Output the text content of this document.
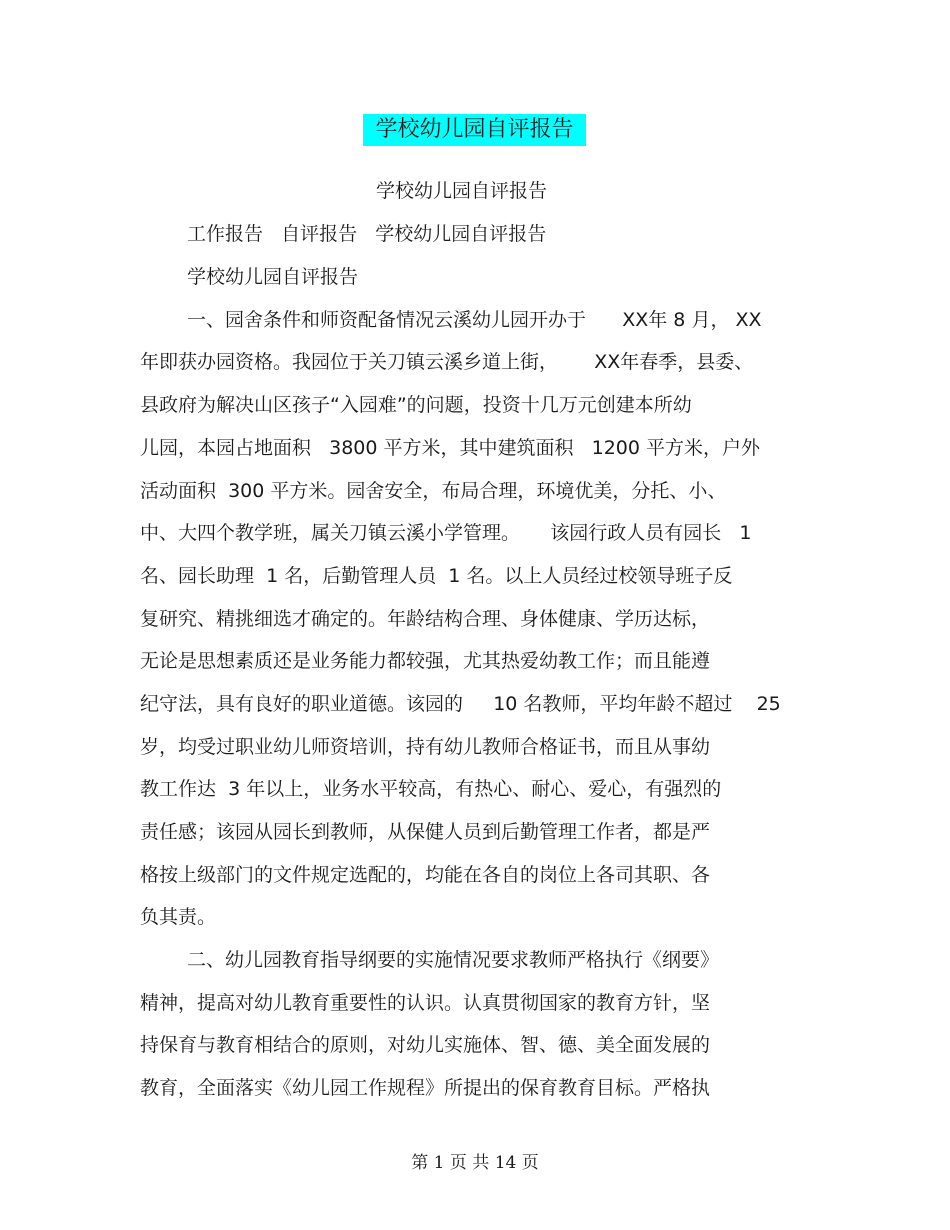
学校幼儿园自评报告
学校幼儿园自评报告
工作报告   自评报告   学校幼儿园自评报告
学校幼儿园自评报告
一、园舍条件和师资配备情况云溪幼儿园开办于      XX年 8 月， XX
年即获办园资格。我园位于关刀镇云溪乡道上街，      XX年春季，县委、
县政府为解决山区孩子“入园难”的问题，投资十几万元创建本所幼
儿园，本园占地面积   3800 平方米，其中建筑面积   1200 平方米，户外
活动面积  300 平方米。园舍安全，布局合理，环境优美，分托、小、
中、大四个教学班，属关刀镇云溪小学管理。     该园行政人员有园长   1
名、园长助理  1 名，后勤管理人员  1 名。以上人员经过校领导班子反
复研究、精挑细选才确定的。年龄结构合理、身体健康、学历达标，
无论是思想素质还是业务能力都较强，尤其热爱幼教工作；而且能遵
纪守法，具有良好的职业道德。该园的     10 名教师，平均年龄不超过    25
岁，均受过职业幼儿师资培训，持有幼儿教师合格证书，而且从事幼
教工作达  3 年以上，业务水平较高，有热心、耐心、爱心，有强烈的
责任感；该园从园长到教师，从保健人员到后勤管理工作者，都是严
格按上级部门的文件规定选配的，均能在各自的岗位上各司其职、各
负其责。
二、幼儿园教育指导纲要的实施情况要求教师严格执行《纲要》
精神，提高对幼儿教育重要性的认识。认真贯彻国家的教育方针，坚
持保育与教育相结合的原则，对幼儿实施体、智、德、美全面发展的
教育，全面落实《幼儿园工作规程》所提出的保育教育目标。严格执
第 1 页 共 14 页
